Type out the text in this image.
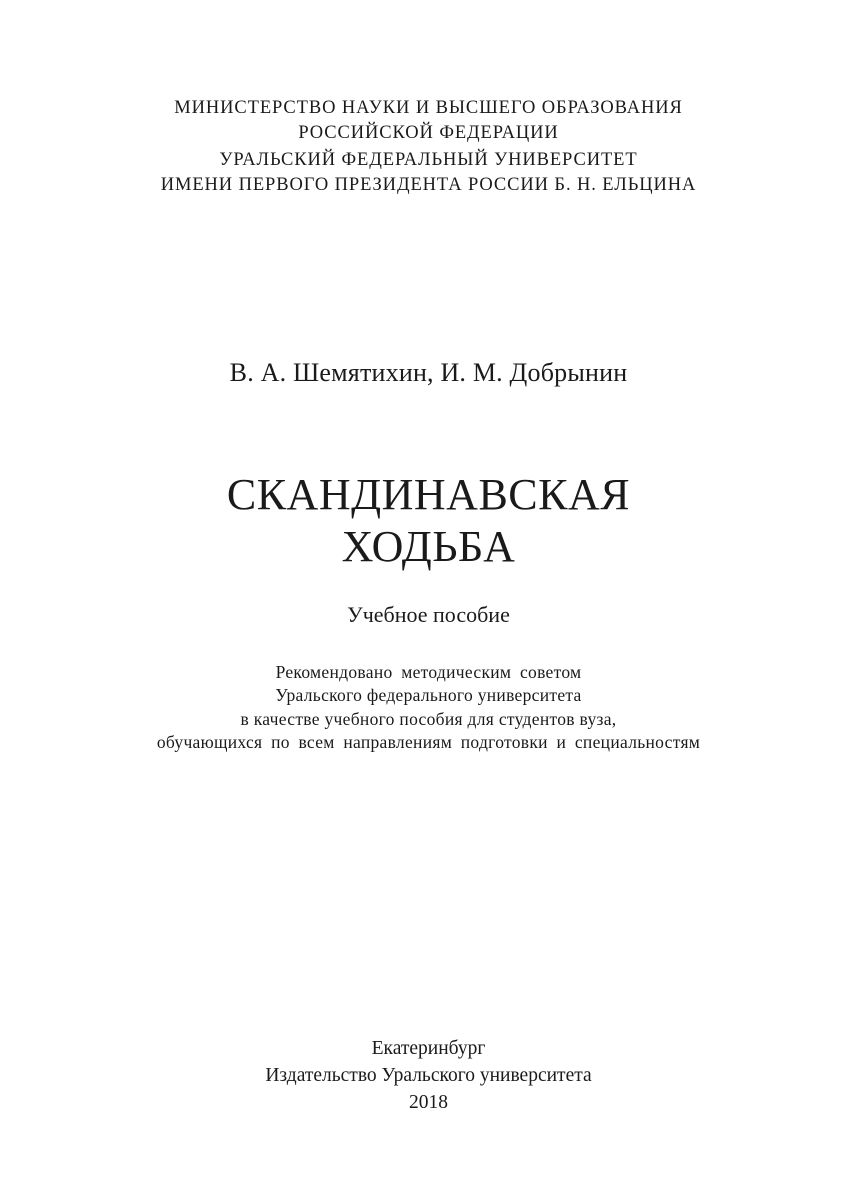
МИНИСТЕРСТВО НАУКИ И ВЫСШЕГО ОБРАЗОВАНИЯ
РОССИЙСКОЙ ФЕДЕРАЦИИ
УРАЛЬСКИЙ ФЕДЕРАЛЬНЫЙ УНИВЕРСИТЕТ
ИМЕНИ ПЕРВОГО ПРЕЗИДЕНТА РОССИИ Б. Н. ЕЛЬЦИНА
В. А. Шемятихин, И. М. Добрынин
СКАНДИНАВСКАЯ
ХОДЬБА
Учебное пособие
Рекомендовано методическим советом
Уральского федерального университета
в качестве учебного пособия для студентов вуза,
обучающихся по всем направлениям подготовки и специальностям
Екатеринбург
Издательство Уральского университета
2018
